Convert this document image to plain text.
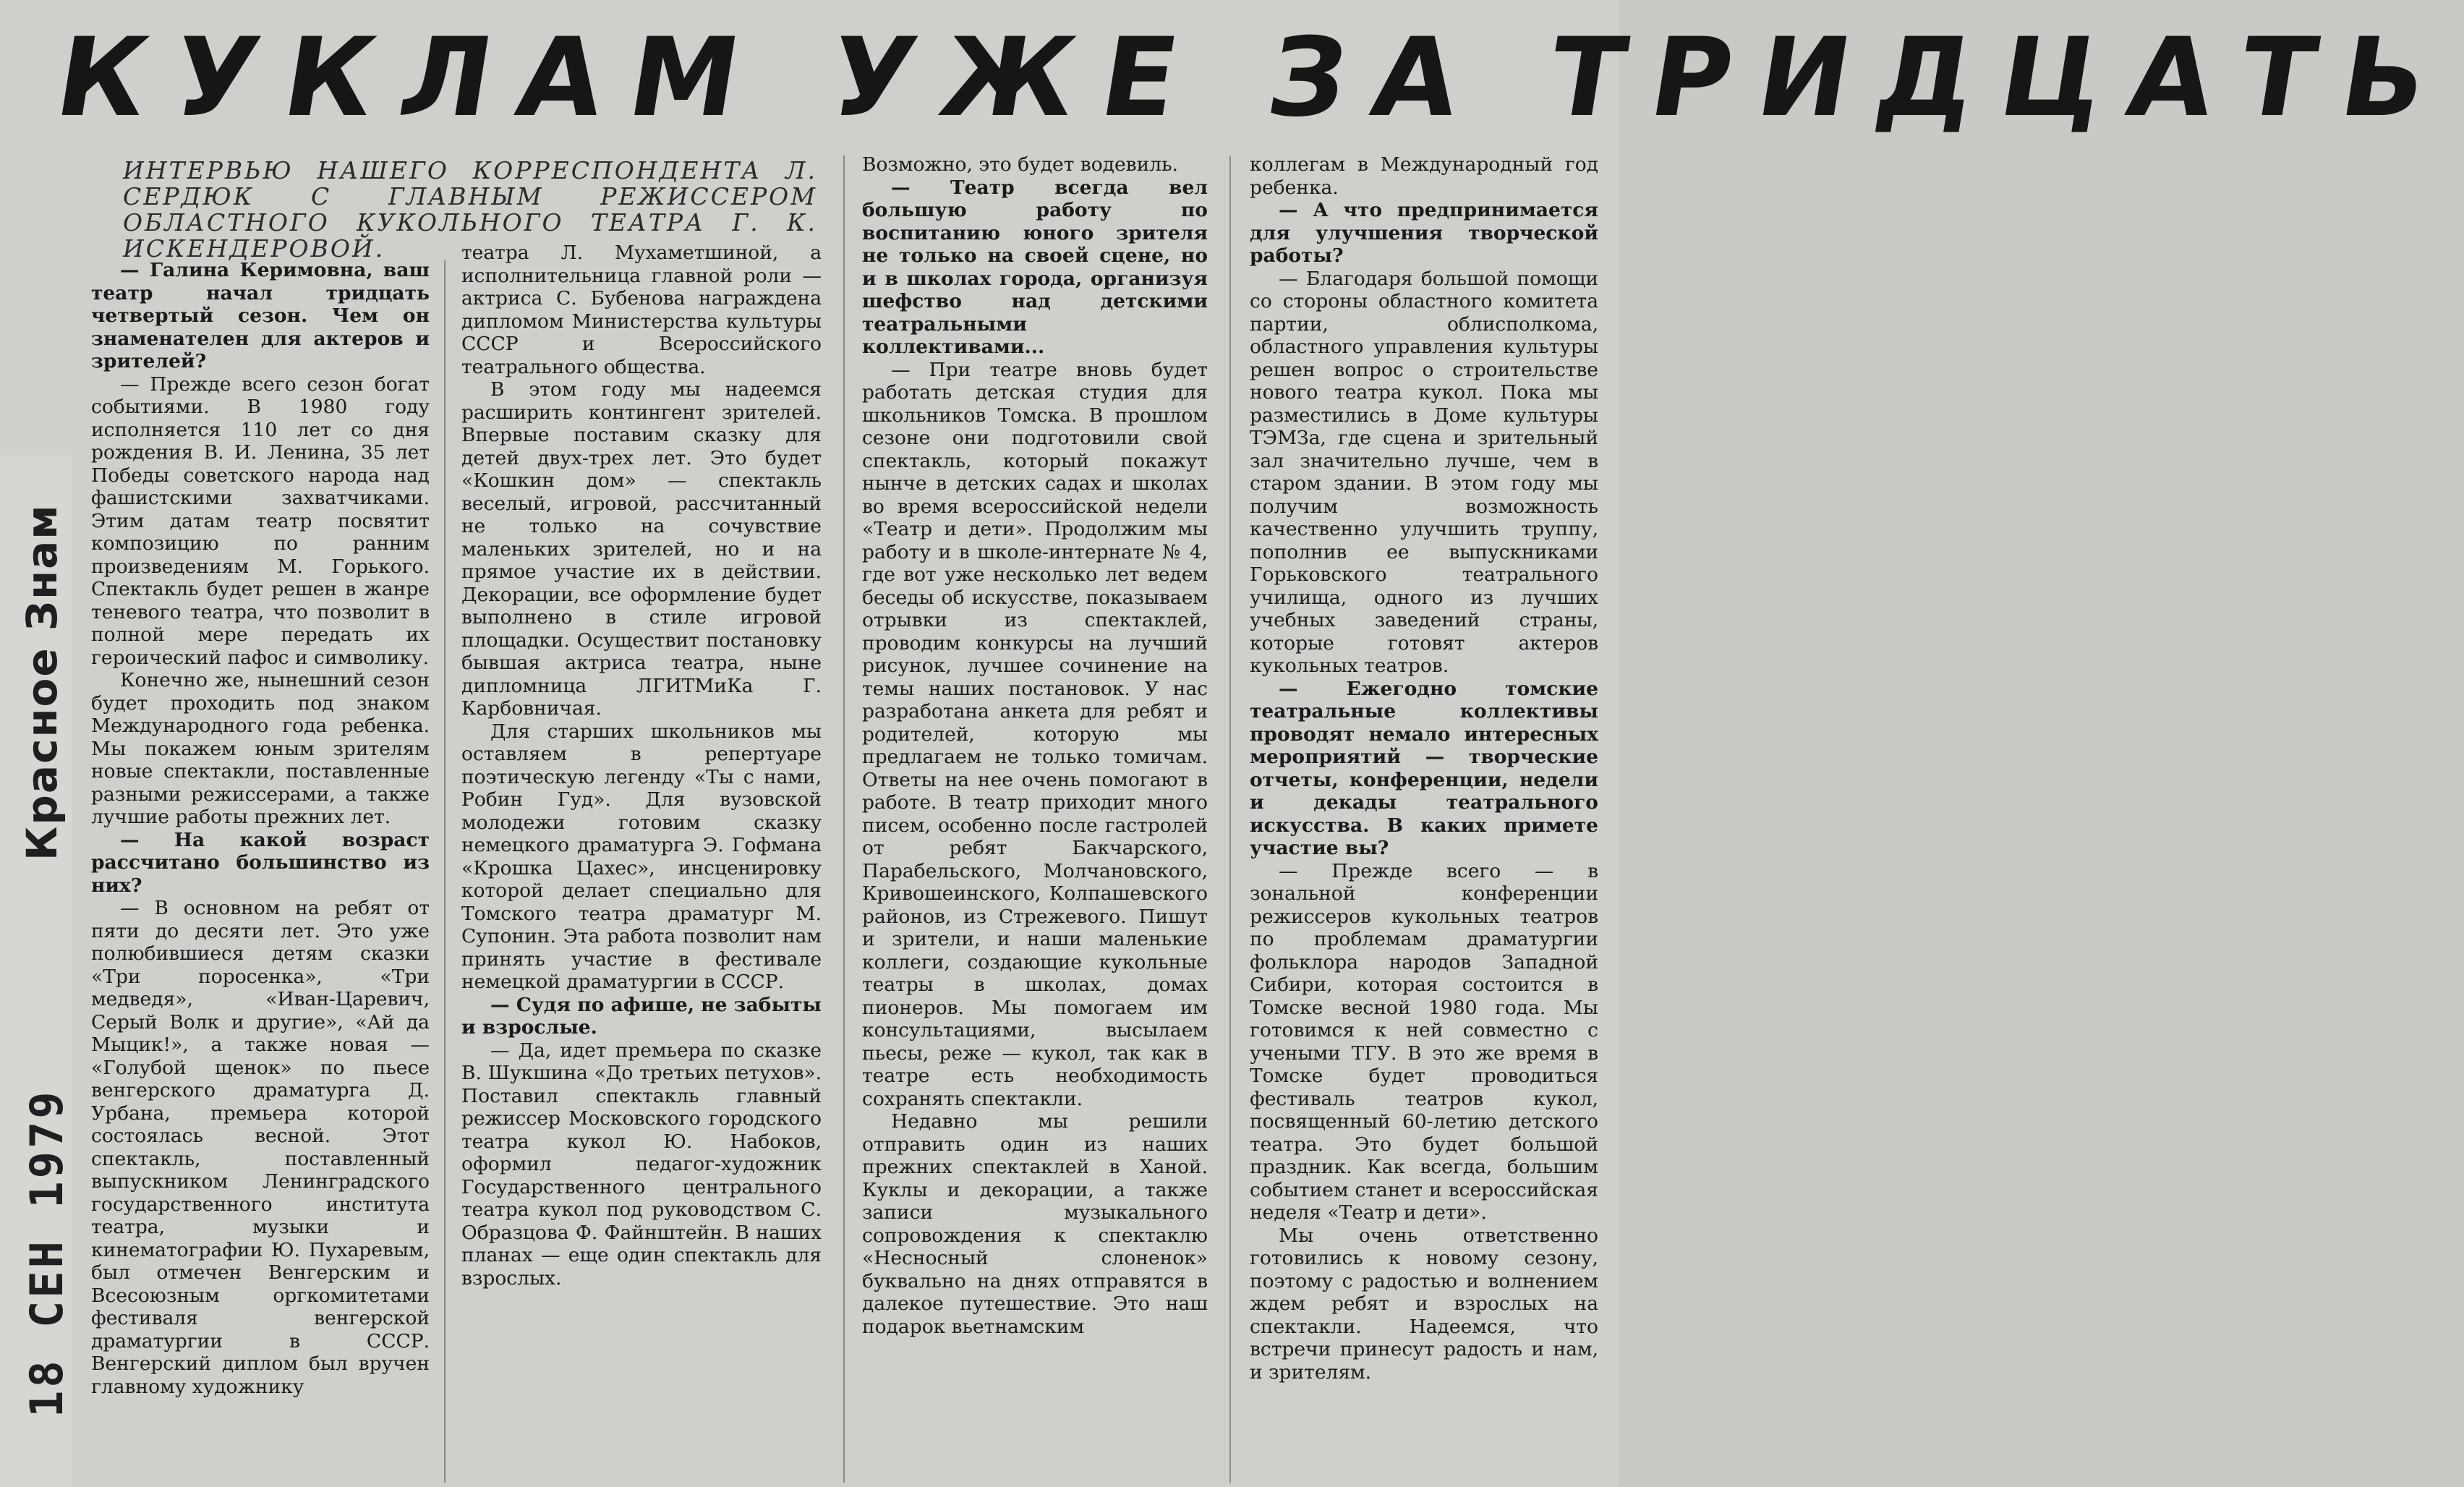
КУКЛАМ УЖЕ ЗА ТРИДЦАТЬ
ИНТЕРВЬЮ НАШЕГО КОРРЕСПОНДЕНТА Л. СЕРДЮК С ГЛАВНЫМ РЕЖИССЕРОМ ОБЛАСТНОГО КУКОЛЬНОГО ТЕАТРА Г. К. ИСКЕНДЕРОВОЙ.
Красное Знам
18 СЕН 1979

— Галина Керимовна, ваш театр начал тридцать четвертый сезон. Чем он знаменателен для актеров и зрителей?

— Прежде всего сезон богат событиями. В 1980 году исполняется 110 лет со дня рождения В. И. Ленина, 35 лет Победы советского народа над фашистскими захватчиками. Этим датам театр посвятит композицию по ранним произведениям М. Горького. Спектакль будет решен в жанре теневого театра, что позволит в полной мере передать их героический пафос и символику.

Конечно же, нынешний сезон будет проходить под знаком Международного года ребенка. Мы покажем юным зрителям новые спектакли, поставленные разными режиссерами, а также лучшие работы прежних лет.

— На какой возраст рассчитано большинство из них?

— В основном на ребят от пяти до десяти лет. Это уже полюбившиеся детям сказки «Три поросенка», «Три медведя», «Иван-Царевич, Серый Волк и другие», «Ай да Мыцик!», а также новая — «Голубой щенок» по пьесе венгерского драматурга Д. Урбана, премьера которой состоялась весной. Этот спектакль, поставленный выпускником Ленинградского государственного института театра, музыки и кинематографии Ю. Пухаревым, был отмечен Венгерским и Всесоюзным оргкомитетами фестиваля венгерской драматургии в СССР. Венгерский диплом был вручен главному художнику

театра Л. Мухаметшиной, а исполнительница главной роли — актриса С. Бубенова награждена дипломом Министерства культуры СССР и Всероссийского театрального общества.

В этом году мы надеемся расширить контингент зрителей. Впервые поставим сказку для детей двух-трех лет. Это будет «Кошкин дом» — спектакль веселый, игровой, рассчитанный не только на сочувствие маленьких зрителей, но и на прямое участие их в действии. Декорации, все оформление будет выполнено в стиле игровой площадки. Осуществит постановку бывшая актриса театра, ныне дипломница ЛГИТМиКа Г. Карбовничая.

Для старших школьников мы оставляем в репертуаре поэтическую легенду «Ты с нами, Робин Гуд». Для вузовской молодежи готовим сказку немецкого драматурга Э. Гофмана «Крошка Цахес», инсценировку которой делает специально для Томского театра драматург М. Супонин. Эта работа позволит нам принять участие в фестивале немецкой драматургии в СССР.

— Судя по афише, не забыты и взрослые.

— Да, идет премьера по сказке В. Шукшина «До третьих петухов». Поставил спектакль главный режиссер Московского городского театра кукол Ю. Набоков, оформил педагог-художник Государственного центрального театра кукол под руководством С. Образцова Ф. Файнштейн. В наших планах — еще один спектакль для взрослых.

Возможно, это будет водевиль.

— Театр всегда вел большую работу по воспитанию юного зрителя не только на своей сцене, но и в школах города, организуя шефство над детскими театральными коллективами...

— При театре вновь будет работать детская студия для школьников Томска. В прошлом сезоне они подготовили свой спектакль, который покажут нынче в детских садах и школах во время всероссийской недели «Театр и дети». Продолжим мы работу и в школе-интернате № 4, где вот уже несколько лет ведем беседы об искусстве, показываем отрывки из спектаклей, проводим конкурсы на лучший рисунок, лучшее сочинение на темы наших постановок. У нас разработана анкета для ребят и родителей, которую мы предлагаем не только томичам. Ответы на нее очень помогают в работе. В театр приходит много писем, особенно после гастролей от ребят Бакчарского, Парабельского, Молчановского, Кривошеинского, Колпашевского районов, из Стрежевого. Пишут и зрители, и наши маленькие коллеги, создающие кукольные театры в школах, домах пионеров. Мы помогаем им консультациями, высылаем пьесы, реже — кукол, так как в театре есть необходимость сохранять спектакли.

Недавно мы решили отправить один из наших прежних спектаклей в Ханой. Куклы и декорации, а также записи музыкального сопровождения к спектаклю «Несносный слоненок» буквально на днях отправятся в далекое путешествие. Это наш подарок вьетнамским

коллегам в Международный год ребенка.

— А что предпринимается для улучшения творческой работы?

— Благодаря большой помощи со стороны областного комитета партии, облисполкома, областного управления культуры решен вопрос о строительстве нового театра кукол. Пока мы разместились в Доме культуры ТЭМЗа, где сцена и зрительный зал значительно лучше, чем в старом здании. В этом году мы получим возможность качественно улучшить труппу, пополнив ее выпускниками Горьковского театрального училища, одного из лучших учебных заведений страны, которые готовят актеров кукольных театров.

— Ежегодно томские театральные коллективы проводят немало интересных мероприятий — творческие отчеты, конференции, недели и декады театрального искусства. В каких примете участие вы?

— Прежде всего — в зональной конференции режиссеров кукольных театров по проблемам драматургии фольклора народов Западной Сибири, которая состоится в Томске весной 1980 года. Мы готовимся к ней совместно с учеными ТГУ. В это же время в Томске будет проводиться фестиваль театров кукол, посвященный 60-летию детского театра. Это будет большой праздник. Как всегда, большим событием станет и всероссийская неделя «Театр и дети».

Мы очень ответственно готовились к новому сезону, поэтому с радостью и волнением ждем ребят и взрослых на спектакли. Надеемся, что встречи принесут радость и нам, и зрителям.
